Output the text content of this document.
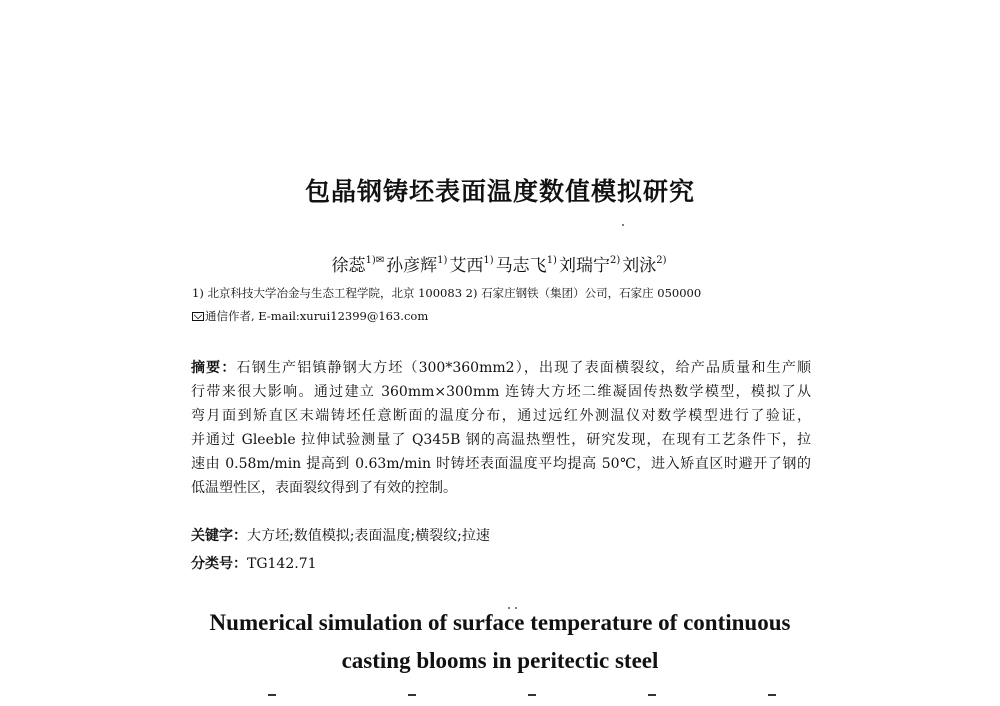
包晶钢铸坯表面温度数值模拟研究
徐蕊$^{1)✉}$ 孙彦辉$^{1)}$ 艾西$^{1)}$ 马志飞$^{1)}$ 刘瑞宁$^{2)}$ 刘泳$^{2)}$
1) 北京科技大学冶金与生态工程学院，北京 100083 2) 石家庄钢铁（集团）公司，石家庄 050000
通信作者, E-mail:xurui12399@163.com
摘要：石钢生产铝镇静钢大方坯（300*360mm2），出现了表面横裂纹，给产品质量和生产顺
行带来很大影响。通过建立 360mm×300mm 连铸大方坯二维凝固传热数学模型，模拟了从
弯月面到矫直区末端铸坯任意断面的温度分布，通过远红外测温仪对数学模型进行了验证，
并通过 Gleeble 拉伸试验测量了 Q345B 钢的高温热塑性，研究发现，在现有工艺条件下，拉
速由 0.58m/min 提高到 0.63m/min 时铸坯表面温度平均提高 50℃，进入矫直区时避开了钢的
低温塑性区，表面裂纹得到了有效的控制。
关键字：大方坯;数值模拟;表面温度;横裂纹;拉速
分类号：TG142.71
Numerical simulation of surface temperature of continuous
casting blooms in peritectic steel
